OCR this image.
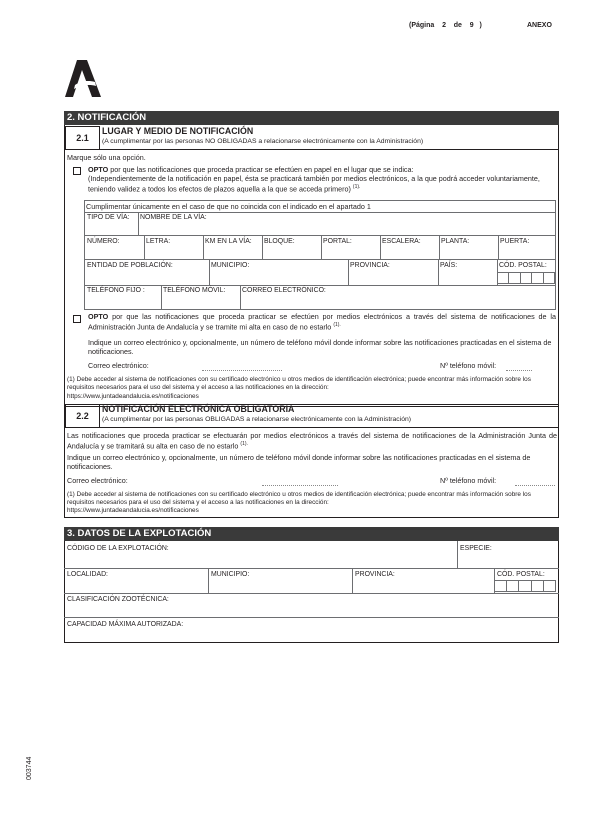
(Página 2 de 9 )	ANEXO
2. NOTIFICACIÓN
2.1
LUGAR Y MEDIO DE NOTIFICACIÓN
(A cumplimentar por las personas NO OBLIGADAS a relacionarse electrónicamente con la Administración)
Marque sólo una opción.
OPTO por que las notificaciones que proceda practicar se efectúen en papel en el lugar que se indica:
(Independientemente de la notificación en papel, ésta se practicará también por medios electrónicos, a la que podrá acceder voluntariamente, teniendo validez a todos los efectos de plazos aquella a la que se acceda primero) $^{(1).}$
Cumplimentar únicamente en el caso de que no coincida con el indicado en el apartado 1
TIPO DE VÍA: NOMBRE DE LA VÍA:
NÚMERO:	LETRA:	KM EN LA VÍA: BLOQUE:	PORTAL:	ESCALERA:	PLANTA:	PUERTA:
ENTIDAD DE POBLACIÓN:	MUNICIPIO:	PROVINCIA:	PAÍS:	CÓD. POSTAL:
TELÉFONO FIJO :	TELÉFONO MÓVIL: CORREO ELECTRÓNICO:
OPTO por que las notificaciones que proceda practicar se efectúen por medios electrónicos a través del sistema de notificaciones de la Administración Junta de Andalucía y se tramite mi alta en caso de no estarlo $^{(1).}$
Indique un correo electrónico y, opcionalmente, un número de teléfono móvil donde informar sobre las notificaciones practicadas en el sistema de notificaciones.
Correo electrónico:	Nº teléfono móvil:
(1) Debe acceder al sistema de notificaciones con su certificado electrónico u otros medios de identificación electrónica; puede encontrar más información sobre los requisitos necesarios para el uso del sistema y el acceso a las notificaciones en la dirección:
https://www.juntadeandalucia.es/notificaciones
2.2
NOTIFICACIÓN ELECTRÓNICA OBLIGATORIA
(A cumplimentar por las personas OBLIGADAS a relacionarse electrónicamente con la Administración)
Las notificaciones que proceda practicar se efectuarán por medios electrónicos a través del sistema de notificaciones de la Administración Junta de Andalucía y se tramitará su alta en caso de no estarlo $^{(1).}$
Indique un correo electrónico y, opcionalmente, un número de teléfono móvil donde informar sobre las notificaciones practicadas en el sistema de notificaciones.
Correo electrónico:	Nº teléfono móvil:
(1) Debe acceder al sistema de notificaciones con su certificado electrónico u otros medios de identificación electrónica; puede encontrar más información sobre los requisitos necesarios para el uso del sistema y el acceso a las notificaciones en la dirección:
https://www.juntadeandalucia.es/notificaciones
3. DATOS DE LA EXPLOTACIÓN
CÓDIGO DE LA EXPLOTACIÓN:	ESPECIE:
LOCALIDAD:	MUNICIPIO:	PROVINCIA:	CÓD. POSTAL:
CLASIFICACIÓN ZOOTÉCNICA:
CAPACIDAD MÁXIMA AUTORIZADA:
003744
